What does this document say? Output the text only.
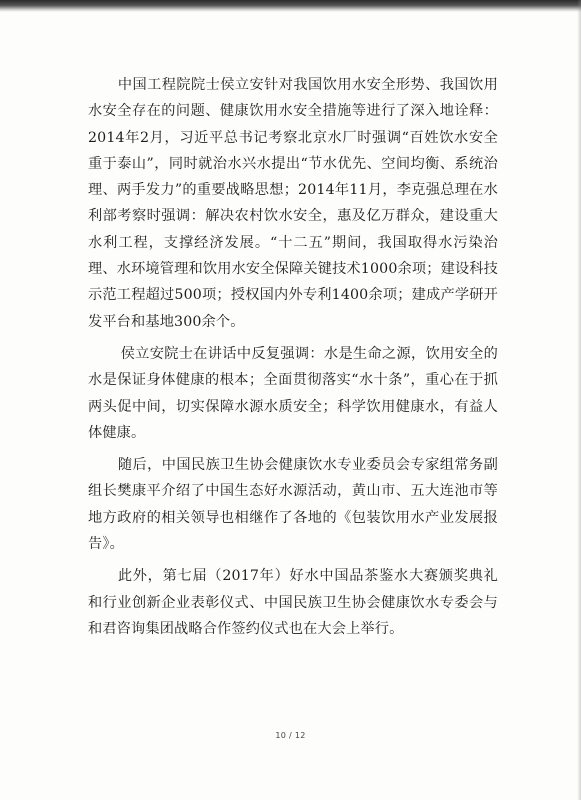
中国工程院院士侯立安针对我国饮用水安全形势、我国饮用水安全存在的问题、健康饮用水安全措施等进行了深入地诠释：2014年2月，习近平总书记考察北京水厂时强调“百姓饮水安全重于泰山”，同时就治水兴水提出“节水优先、空间均衡、系统治理、两手发力”的重要战略思想；2014年11月，李克强总理在水利部考察时强调：解决农村饮水安全，惠及亿万群众，建设重大水利工程，支撑经济发展。“十二五”期间，我国取得水污染治理、水环境管理和饮用水安全保障关键技术1000余项；建设科技示范工程超过500项；授权国内外专利1400余项；建成产学研开发平台和基地300余个。

侯立安院士在讲话中反复强调：水是生命之源，饮用安全的水是保证身体健康的根本；全面贯彻落实“水十条”，重心在于抓两头促中间，切实保障水源水质安全；科学饮用健康水，有益人体健康。

随后，中国民族卫生协会健康饮水专业委员会专家组常务副组长樊康平介绍了中国生态好水源活动，黄山市、五大连池市等地方政府的相关领导也相继作了各地的《包装饮用水产业发展报告》。

此外，第七届（2017年）好水中国品茶鉴水大赛颁奖典礼和行业创新企业表彰仪式、中国民族卫生协会健康饮水专委会与和君咨询集团战略合作签约仪式也在大会上举行。

10 / 12
